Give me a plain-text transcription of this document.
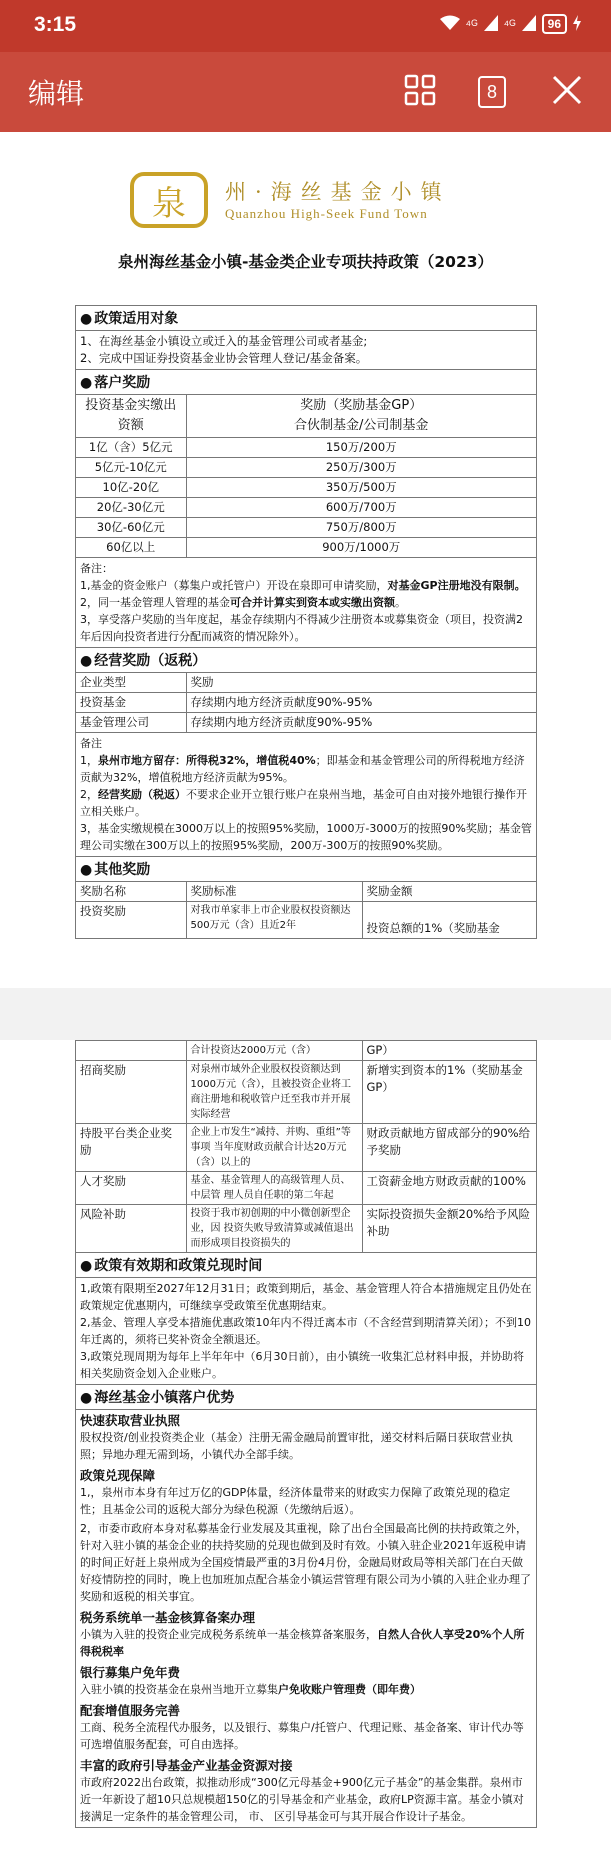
3:15	⁴ᴳ ⁴ᴳ	96
编辑	8
泉	州·海丝基金小镇
Quanzhou High-Seek Fund Town
泉州海丝基金小镇-基金类企业专项扶持政策（2023）
● 政策适用对象

1、在海丝基金小镇设立或迁入的基金管理公司或者基金;

2、完成中国证券投资基金业协会管理人登记/基金备案。

● 落户奖励
投资基金实缴出资额	奖励（奖励基金GP）
合伙制基金/公司制基金

1亿（含）5亿元	150万/200万
5亿元-10亿元	250万/300万
10亿-20亿	350万/500万
20亿-30亿元	600万/700万
30亿-60亿元	750万/800万
60亿以上	900万/1000万

备注：

1,基金的资金账户（募集户或托管户）开设在泉即可申请奖励，对基金GP注册地没有限制。

2，同一基金管理人管理的基金可合并计算实到资本或实缴出资额。

3，享受落户奖励的当年度起，基金存续期内不得减少注册资本或募集资金（项目，投资满2年后因向投资者进行分配而减资的情况除外）。

● 经营奖励（返税）
企业类型	奖励
投资基金	存续期内地方经济贡献度90%-95%
基金管理公司	存续期内地方经济贡献度90%-95%

备注

1，泉州市地方留存：所得税32%，增值税40%；即基金和基金管理公司的所得税地方经济贡献为32%，增值税地方经济贡献为95%。

2，经营奖励（税返）不要求企业开立银行账户在泉州当地，基金可自由对接外地银行操作开立相关账户。

3，基金实缴规模在3000万以上的按照95%奖励，1000万-3000万的按照90%奖励；基金管理公司实缴在300万以上的按照95%奖励，200万-300万的按照90%奖励。

● 其他奖励
奖励名称	奖励标准	奖励金额
投资奖励	对我市单家非上市企业股权投资额达500万元（含）且近2年	投资总额的1%（奖励基金
	合计投资达2000万元（含）	GP）
招商奖励	对泉州市域外企业股权投资额达到1000万元（含），且被投资企业将工商注册地和税收管户迁至我市并开展实际经营	新增实到资本的1%（奖励基金GP）
持股平台类企业奖励	企业上市发生“减持、并购、重组”等事项 当年度财政贡献合计达20万元（含）以上的	财政贡献地方留成部分的90%给予奖励
人才奖励	基金、基金管理人的高级管理人员、 中层管 理人员自任职的第二年起	工资薪金地方财政贡献的100%
风险补助	投资于我市初创期的中小微创新型企业，因 投资失败导致清算或减值退出而形成项目投资损失的	实际投资损失金额20%给予风险补助
● 政策有效期和政策兑现时间

1,政策有限期至2027年12月31日；政策到期后，基金、基金管理人符合本措施规定且仍处在政策规定优惠期内，可继续享受政策至优惠期结束。

2,基金、管理人享受本措施优惠政策10年内不得迁离本市（不含经营到期清算关闭）；不到10年迁离的，须将已奖补资金全额退还。

3,政策兑现周期为每年上半年年中（6月30日前），由小镇统一收集汇总材料申报，并协助将相关奖励资金划入企业账户。

● 海丝基金小镇落户优势
快速获取营业执照
股权投资/创业投资类企业（基金）注册无需金融局前置审批，递交材料后隔日获取营业执照；异地办理无需到场，小镇代办全部手续。
政策兑现保障
1,，泉州市本身有年过万亿的GDP体量，经济体量带来的财政实力保障了政策兑现的稳定性；且基金公司的返税大部分为绿色税源（先缴纳后返）。
2，市委市政府本身对私募基金行业发展及其重视，除了出台全国最高比例的扶持政策之外，针对入驻小镇的基金企业的扶持奖励的兑现也做到及时有效。小镇入驻企业2021年返税申请的时间正好赶上泉州成为全国疫情最严重的3月份4月份，金融局财政局等相关部门在白天做好疫情防控的同时，晚上也加班加点配合基金小镇运营管理有限公司为小镇的入驻企业办理了奖励和返税的相关事宜。
税务系统单一基金核算备案办理
小镇为入驻的投资企业完成税务系统单一基金核算备案服务，自然人合伙人享受20%个人所得税税率
银行募集户免年费
入驻小镇的投资基金在泉州当地开立募集户免收账户管理费（即年费）
配套增值服务完善
工商、税务全流程代办服务，以及银行、募集户/托管户、代理记账、基金备案、审计代办等可选增值服务配套，可自由选择。
丰富的政府引导基金产业基金资源对接
市政府2022出台政策，拟推动形成“300亿元母基金+900亿元子基金”的基金集群。泉州市近一年新设了超10只总规模超150亿的引导基金和产业基金，政府LP资源丰富。基金小镇对接满足一定条件的基金管理公司， 市、 区引导基金可与其开展合作设计子基金。
